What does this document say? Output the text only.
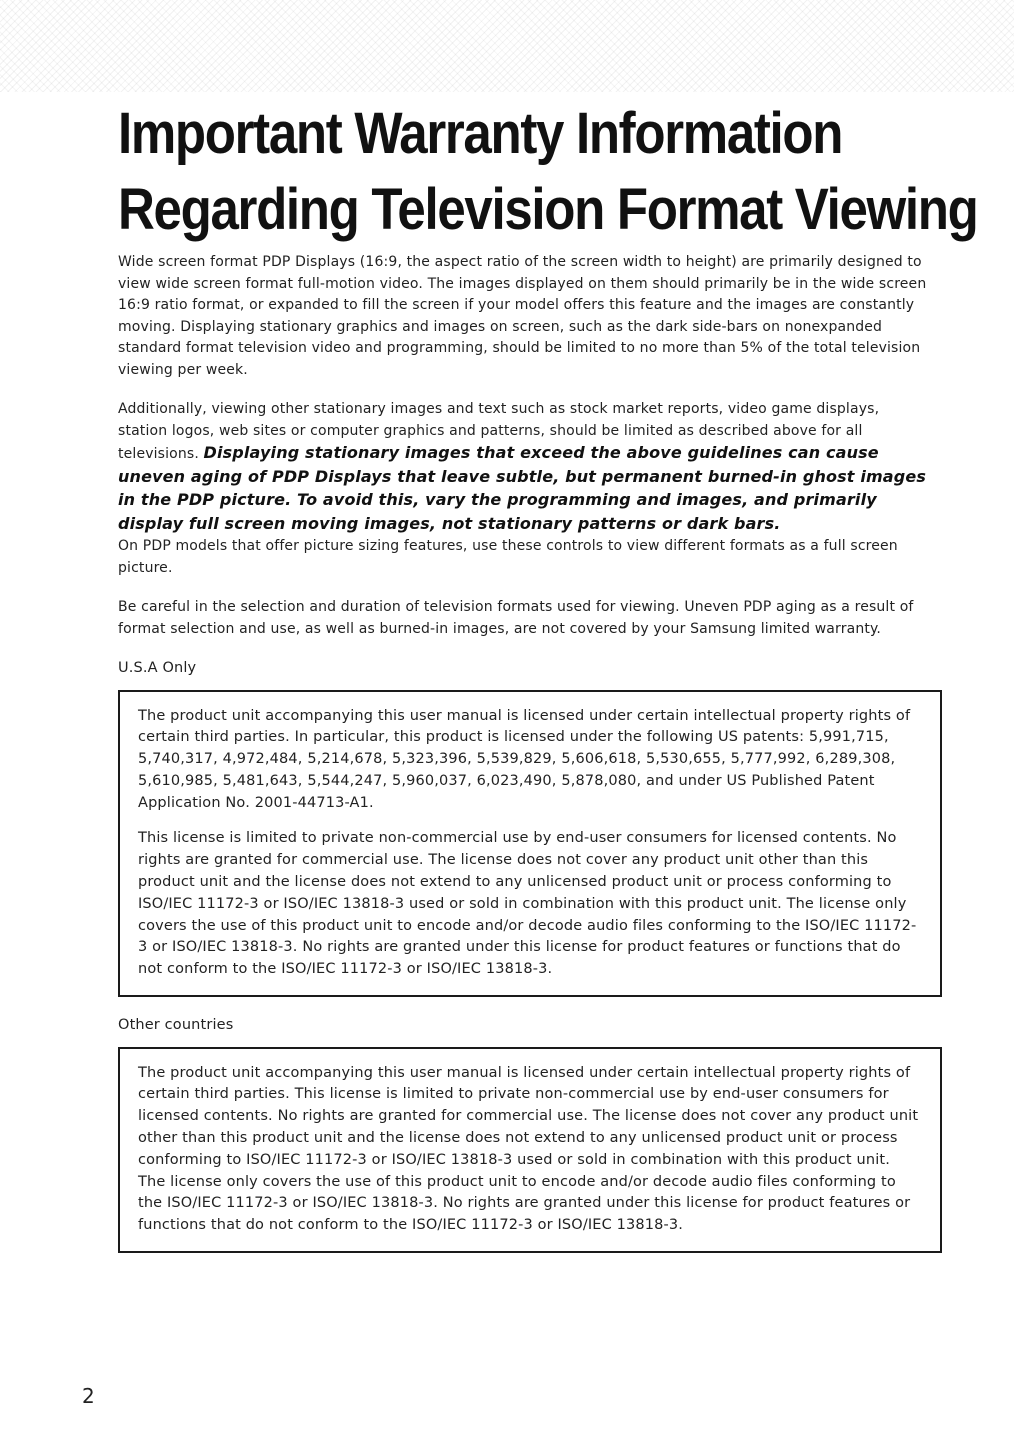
Important Warranty Information
Regarding Television Format Viewing

Wide screen format PDP Displays (16:9, the aspect ratio of the screen width to height) are primarily designed to view wide screen format full-motion video. The images displayed on them should primarily be in the wide screen 16:9 ratio format, or expanded to fill the screen if your model offers this feature and the images are constantly moving. Displaying stationary graphics and images on screen, such as the dark side-bars on nonexpanded standard format television video and programming, should be limited to no more than 5% of the total television viewing per week.

Additionally, viewing other stationary images and text such as stock market reports, video game displays, station logos, web sites or computer graphics and patterns, should be limited as described above for all televisions. Displaying stationary images that exceed the above guidelines can cause uneven aging of PDP Displays that leave subtle, but permanent burned-in ghost images in the PDP picture. To avoid this, vary the programming and images, and primarily display full screen moving images, not stationary patterns or dark bars.

On PDP models that offer picture sizing features, use these controls to view different formats as a full screen picture.

Be careful in the selection and duration of television formats used for viewing. Uneven PDP aging as a result of format selection and use, as well as burned-in images, are not covered by your Samsung limited warranty.

U.S.A Only

The product unit accompanying this user manual is licensed under certain intellectual property rights of certain third parties. In particular, this product is licensed under the following US patents: 5,991,715, 5,740,317, 4,972,484, 5,214,678, 5,323,396, 5,539,829, 5,606,618, 5,530,655, 5,777,992, 6,289,308, 5,610,985, 5,481,643, 5,544,247, 5,960,037, 6,023,490, 5,878,080, and under US Published Patent Application No. 2001-44713-A1.

This license is limited to private non-commercial use by end-user consumers for licensed contents. No rights are granted for commercial use. The license does not cover any product unit other than this product unit and the license does not extend to any unlicensed product unit or process conforming to ISO/IEC 11172-3 or ISO/IEC 13818-3 used or sold in combination with this product unit. The license only covers the use of this product unit to encode and/or decode audio files conforming to the ISO/IEC 11172-3 or ISO/IEC 13818-3. No rights are granted under this license for product features or functions that do not conform to the ISO/IEC 11172-3 or ISO/IEC 13818-3.

Other countries

The product unit accompanying this user manual is licensed under certain intellectual property rights of certain third parties. This license is limited to private non-commercial use by end-user consumers for licensed contents. No rights are granted for commercial use. The license does not cover any product unit other than this product unit and the license does not extend to any unlicensed product unit or process conforming to ISO/IEC 11172-3 or ISO/IEC 13818-3 used or sold in combination with this product unit. The license only covers the use of this product unit to encode and/or decode audio files conforming to the ISO/IEC 11172-3 or ISO/IEC 13818-3. No rights are granted under this license for product features or functions that do not conform to the ISO/IEC 11172-3 or ISO/IEC 13818-3.

2
